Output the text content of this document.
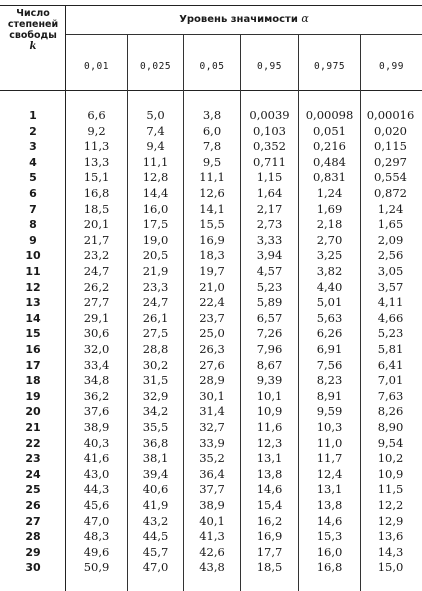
Число
степеней
свободы
k
Уровень значимости α
0,01	0,025	0,05	0,95	0,975	0,99
1	6,6	5,0	3,8	0,0039	0,00098	0,00016
2	9,2	7,4	6,0	0,103	0,051	0,020
3	11,3	9,4	7,8	0,352	0,216	0,115
4	13,3	11,1	9,5	0,711	0,484	0,297
5	15,1	12,8	11,1	1,15	0,831	0,554
6	16,8	14,4	12,6	1,64	1,24	0,872
7	18,5	16,0	14,1	2,17	1,69	1,24
8	20,1	17,5	15,5	2,73	2,18	1,65
9	21,7	19,0	16,9	3,33	2,70	2,09
10	23,2	20,5	18,3	3,94	3,25	2,56
11	24,7	21,9	19,7	4,57	3,82	3,05
12	26,2	23,3	21,0	5,23	4,40	3,57
13	27,7	24,7	22,4	5,89	5,01	4,11
14	29,1	26,1	23,7	6,57	5,63	4,66
15	30,6	27,5	25,0	7,26	6,26	5,23
16	32,0	28,8	26,3	7,96	6,91	5,81
17	33,4	30,2	27,6	8,67	7,56	6,41
18	34,8	31,5	28,9	9,39	8,23	7,01
19	36,2	32,9	30,1	10,1	8,91	7,63
20	37,6	34,2	31,4	10,9	9,59	8,26
21	38,9	35,5	32,7	11,6	10,3	8,90
22	40,3	36,8	33,9	12,3	11,0	9,54
23	41,6	38,1	35,2	13,1	11,7	10,2
24	43,0	39,4	36,4	13,8	12,4	10,9
25	44,3	40,6	37,7	14,6	13,1	11,5
26	45,6	41,9	38,9	15,4	13,8	12,2
27	47,0	43,2	40,1	16,2	14,6	12,9
28	48,3	44,5	41,3	16,9	15,3	13,6
29	49,6	45,7	42,6	17,7	16,0	14,3
30	50,9	47,0	43,8	18,5	16,8	15,0
